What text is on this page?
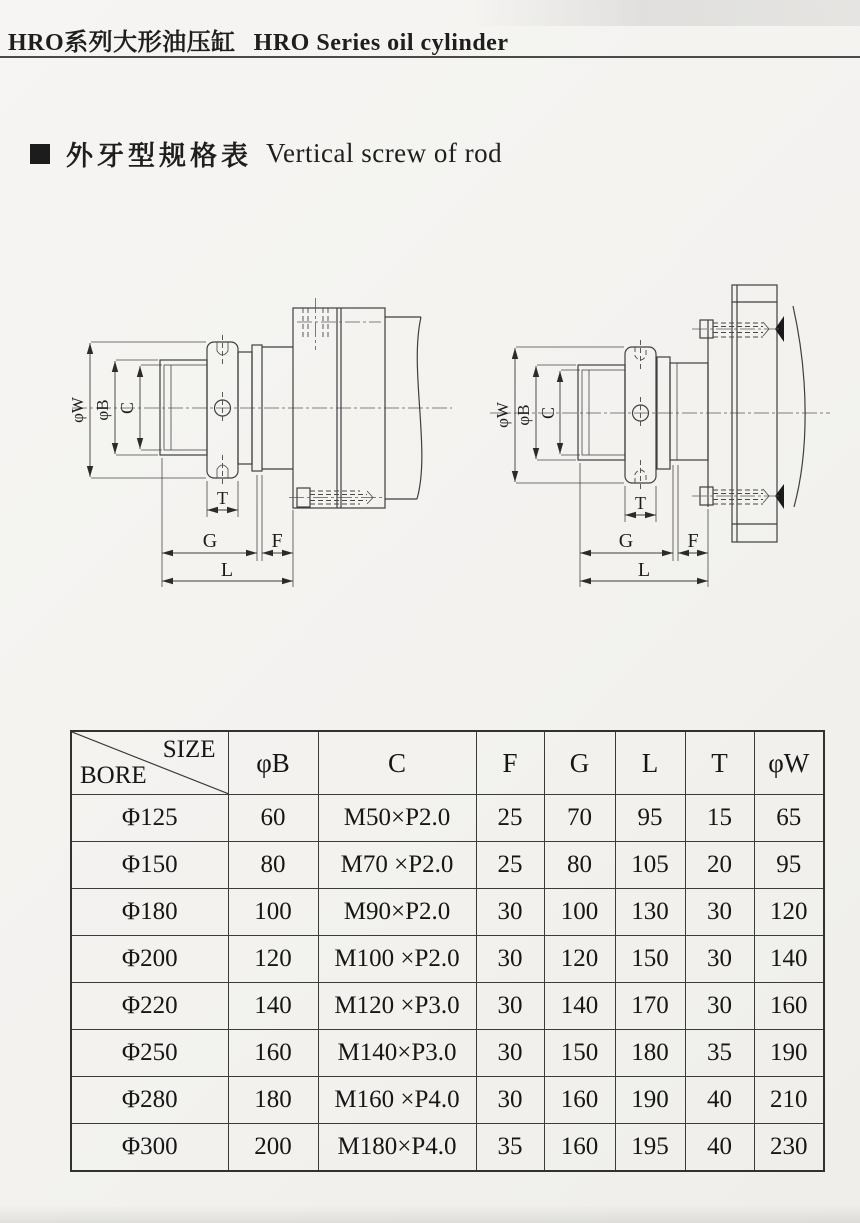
HRO系列大形油压缸 HRO Series oil cylinder
外牙型规格表 Vertical screw of rod
φW φB C
T
G	F
L
φW φB C
T
G	F
L
SIZE
BORE	φB	C	F	G	L	T	φW
Φ125	60	M50×P2.0	25	70	95	15	65
Φ150	80	M70 ×P2.0	25	80	105	20	95
Φ180	100	M90×P2.0	30	100	130	30	120
Φ200	120	M100 ×P2.0	30	120	150	30	140
Φ220	140	M120 ×P3.0	30	140	170	30	160
Φ250	160	M140×P3.0	30	150	180	35	190
Φ280	180	M160 ×P4.0	30	160	190	40	210
Φ300	200	M180×P4.0	35	160	195	40	230
